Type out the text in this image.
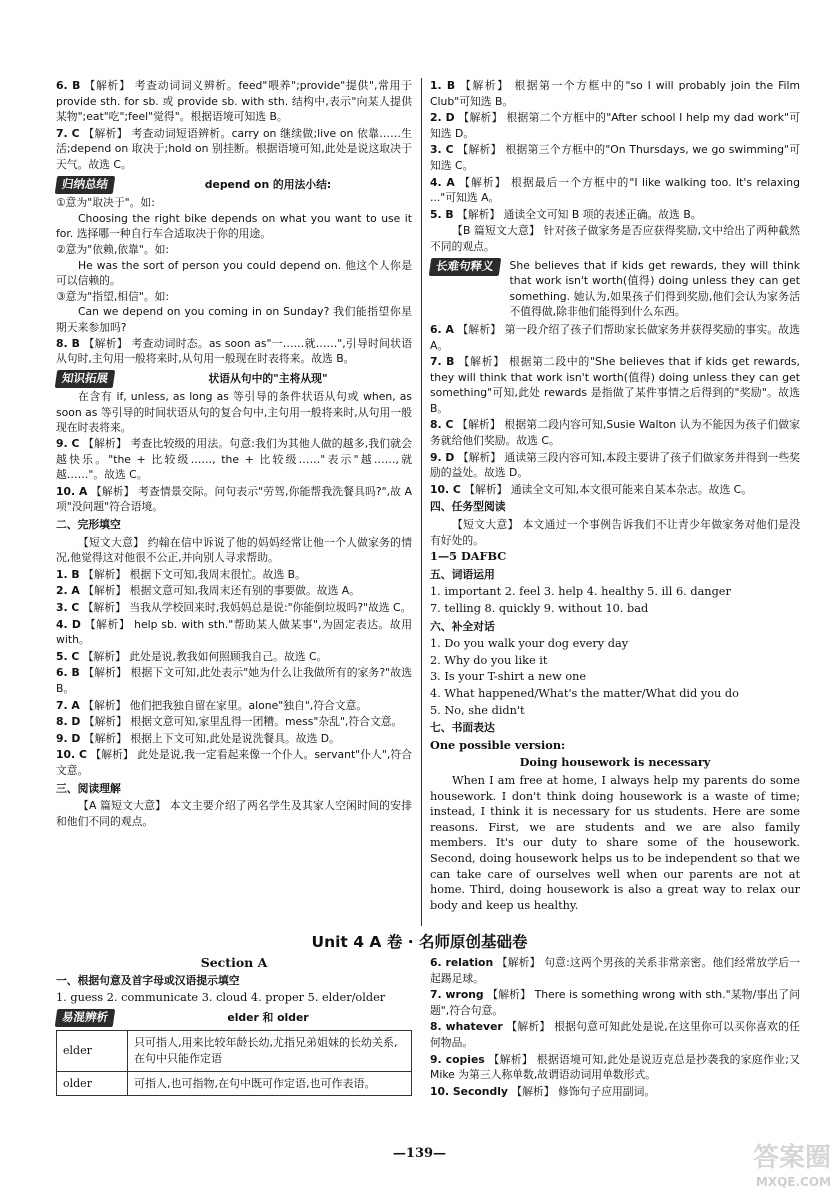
6. B 【解析】 考查动词词义辨析。feed"喂养";provide"提供",常用于 provide sth. for sb. 或 provide sb. with sth. 结构中,表示"向某人提供某物";eat"吃";feel"觉得"。根据语境可知选 B。
7. C 【解析】 考查动词短语辨析。carry on 继续做;live on 依靠……生活;depend on 取决于;hold on 别挂断。根据语境可知,此处是说这取决于天气。故选 C。
归纳总结	depend on 的用法小结:
①意为"取决于"。如:
Choosing the right bike depends on what you want to use it for. 选择哪一种自行车合适取决于你的用途。
②意为"依赖,依靠"。如:
He was the sort of person you could depend on. 他这个人你是可以信赖的。
③意为"指望,相信"。如:
Can we depend on you coming in on Sunday? 我们能指望你星期天来参加吗?
8. B 【解析】 考查动词时态。as soon as"一……就……",引导时间状语从句时,主句用一般将来时,从句用一般现在时表将来。故选 B。
知识拓展	状语从句中的"主将从现"
在含有 if, unless, as long as 等引导的条件状语从句或 when, as soon as 等引导的时间状语从句的复合句中,主句用一般将来时,从句用一般现在时表将来。
9. C 【解析】 考查比较级的用法。句意:我们为其他人做的越多,我们就会越快乐。"the + 比较级……, the + 比较级……"表示"越……,就越……"。故选 C。
10. A 【解析】 考查情景交际。问句表示"劳驾,你能帮我洗餐具吗?",故 A 项"没问题"符合语境。
二、完形填空
【短文大意】 约翰在信中诉说了他的妈妈经常让他一个人做家务的情况,他觉得这对他很不公正,并向别人寻求帮助。
1. B 【解析】 根据下文可知,我周末很忙。故选 B。
2. A 【解析】 根据文意可知,我周末还有别的事要做。故选 A。
3. C 【解析】 当我从学校回来时,我妈妈总是说:"你能倒垃圾吗?"故选 C。
4. D 【解析】 help sb. with sth."帮助某人做某事",为固定表达。故用 with。
5. C 【解析】 此处是说,教我如何照顾我自己。故选 C。
6. B 【解析】 根据下文可知,此处表示"她为什么让我做所有的家务?"故选 B。
7. A 【解析】 他们把我独自留在家里。alone"独自",符合文意。
8. D 【解析】 根据文意可知,家里乱得一团糟。mess"杂乱",符合文意。
9. D 【解析】 根据上下文可知,此处是说洗餐具。故选 D。
10. C 【解析】 此处是说,我一定看起来像一个仆人。servant"仆人",符合文意。
三、阅读理解
【A 篇短文大意】 本文主要介绍了两名学生及其家人空闲时间的安排和他们不同的观点。
1. B 【解析】 根据第一个方框中的"so I will probably join the Film Club"可知选 B。
2. D 【解析】 根据第二个方框中的"After school I help my dad work"可知选 D。
3. C 【解析】 根据第三个方框中的"On Thursdays, we go swimming"可知选 C。
4. A 【解析】 根据最后一个方框中的"I like walking too. It's relaxing ..."可知选 A。
5. B 【解析】 通读全文可知 B 项的表述正确。故选 B。
【B 篇短文大意】 针对孩子做家务是否应获得奖励,文中给出了两种截然不同的观点。
长难句释义	She believes that if kids get rewards, they will think that work isn't worth(值得) doing unless they can get something. 她认为,如果孩子们得到奖励,他们会认为家务活不值得做,除非他们能得到什么东西。
6. A 【解析】 第一段介绍了孩子们帮助家长做家务并获得奖励的事实。故选 A。
7. B 【解析】 根据第二段中的"She believes that if kids get rewards, they will think that work isn't worth(值得) doing unless they can get something"可知,此处 rewards 是指做了某件事情之后得到的"奖励"。故选 B。
8. C 【解析】 根据第二段内容可知,Susie Walton 认为不能因为孩子们做家务就给他们奖励。故选 C。
9. D 【解析】 通读第三段内容可知,本段主要讲了孩子们做家务并得到一些奖励的益处。故选 D。
10. C 【解析】 通读全文可知,本文很可能来自某本杂志。故选 C。
四、任务型阅读
【短文大意】 本文通过一个事例告诉我们不让青少年做家务对他们是没有好处的。
1—5 DAFBC
五、词语运用
1. important 2. feel 3. help 4. healthy 5. ill 6. danger
7. telling 8. quickly 9. without 10. bad
六、补全对话
1. Do you walk your dog every day
2. Why do you like it
3. Is your T-shirt a new one
4. What happened/What's the matter/What did you do
5. No, she didn't
七、书面表达
One possible version:
Doing housework is necessary
When I am free at home, I always help my parents do some housework. I don't think doing housework is a waste of time; instead, I think it is necessary for us students. Here are some reasons. First, we are students and we are also family members. It's our duty to share some of the housework. Second, doing housework helps us to be independent so that we can take care of ourselves well when our parents are not at home. Third, doing housework is also a great way to relax our body and keep us healthy.
Unit 4 A 卷 · 名师原创基础卷
Section A
一、根据句意及首字母或汉语提示填空
1. guess 2. communicate 3. cloud 4. proper 5. elder/older
易混辨析	elder 和 older
elder	只可指人,用来比较年龄长幼,尤指兄弟姐妹的长幼关系,在句中只能作定语
older	可指人,也可指物,在句中既可作定语,也可作表语。
6. relation 【解析】 句意:这两个男孩的关系非常亲密。他们经常放学后一起踢足球。
7. wrong 【解析】 There is something wrong with sth."某物/事出了问题",符合句意。
8. whatever 【解析】 根据句意可知此处是说,在这里你可以买你喜欢的任何物品。
9. copies 【解析】 根据语境可知,此处是说迈克总是抄袭我的家庭作业;又 Mike 为第三人称单数,故谓语动词用单数形式。
10. Secondly 【解析】 修饰句子应用副词。
—139—	答案圈
MXQE.COM
